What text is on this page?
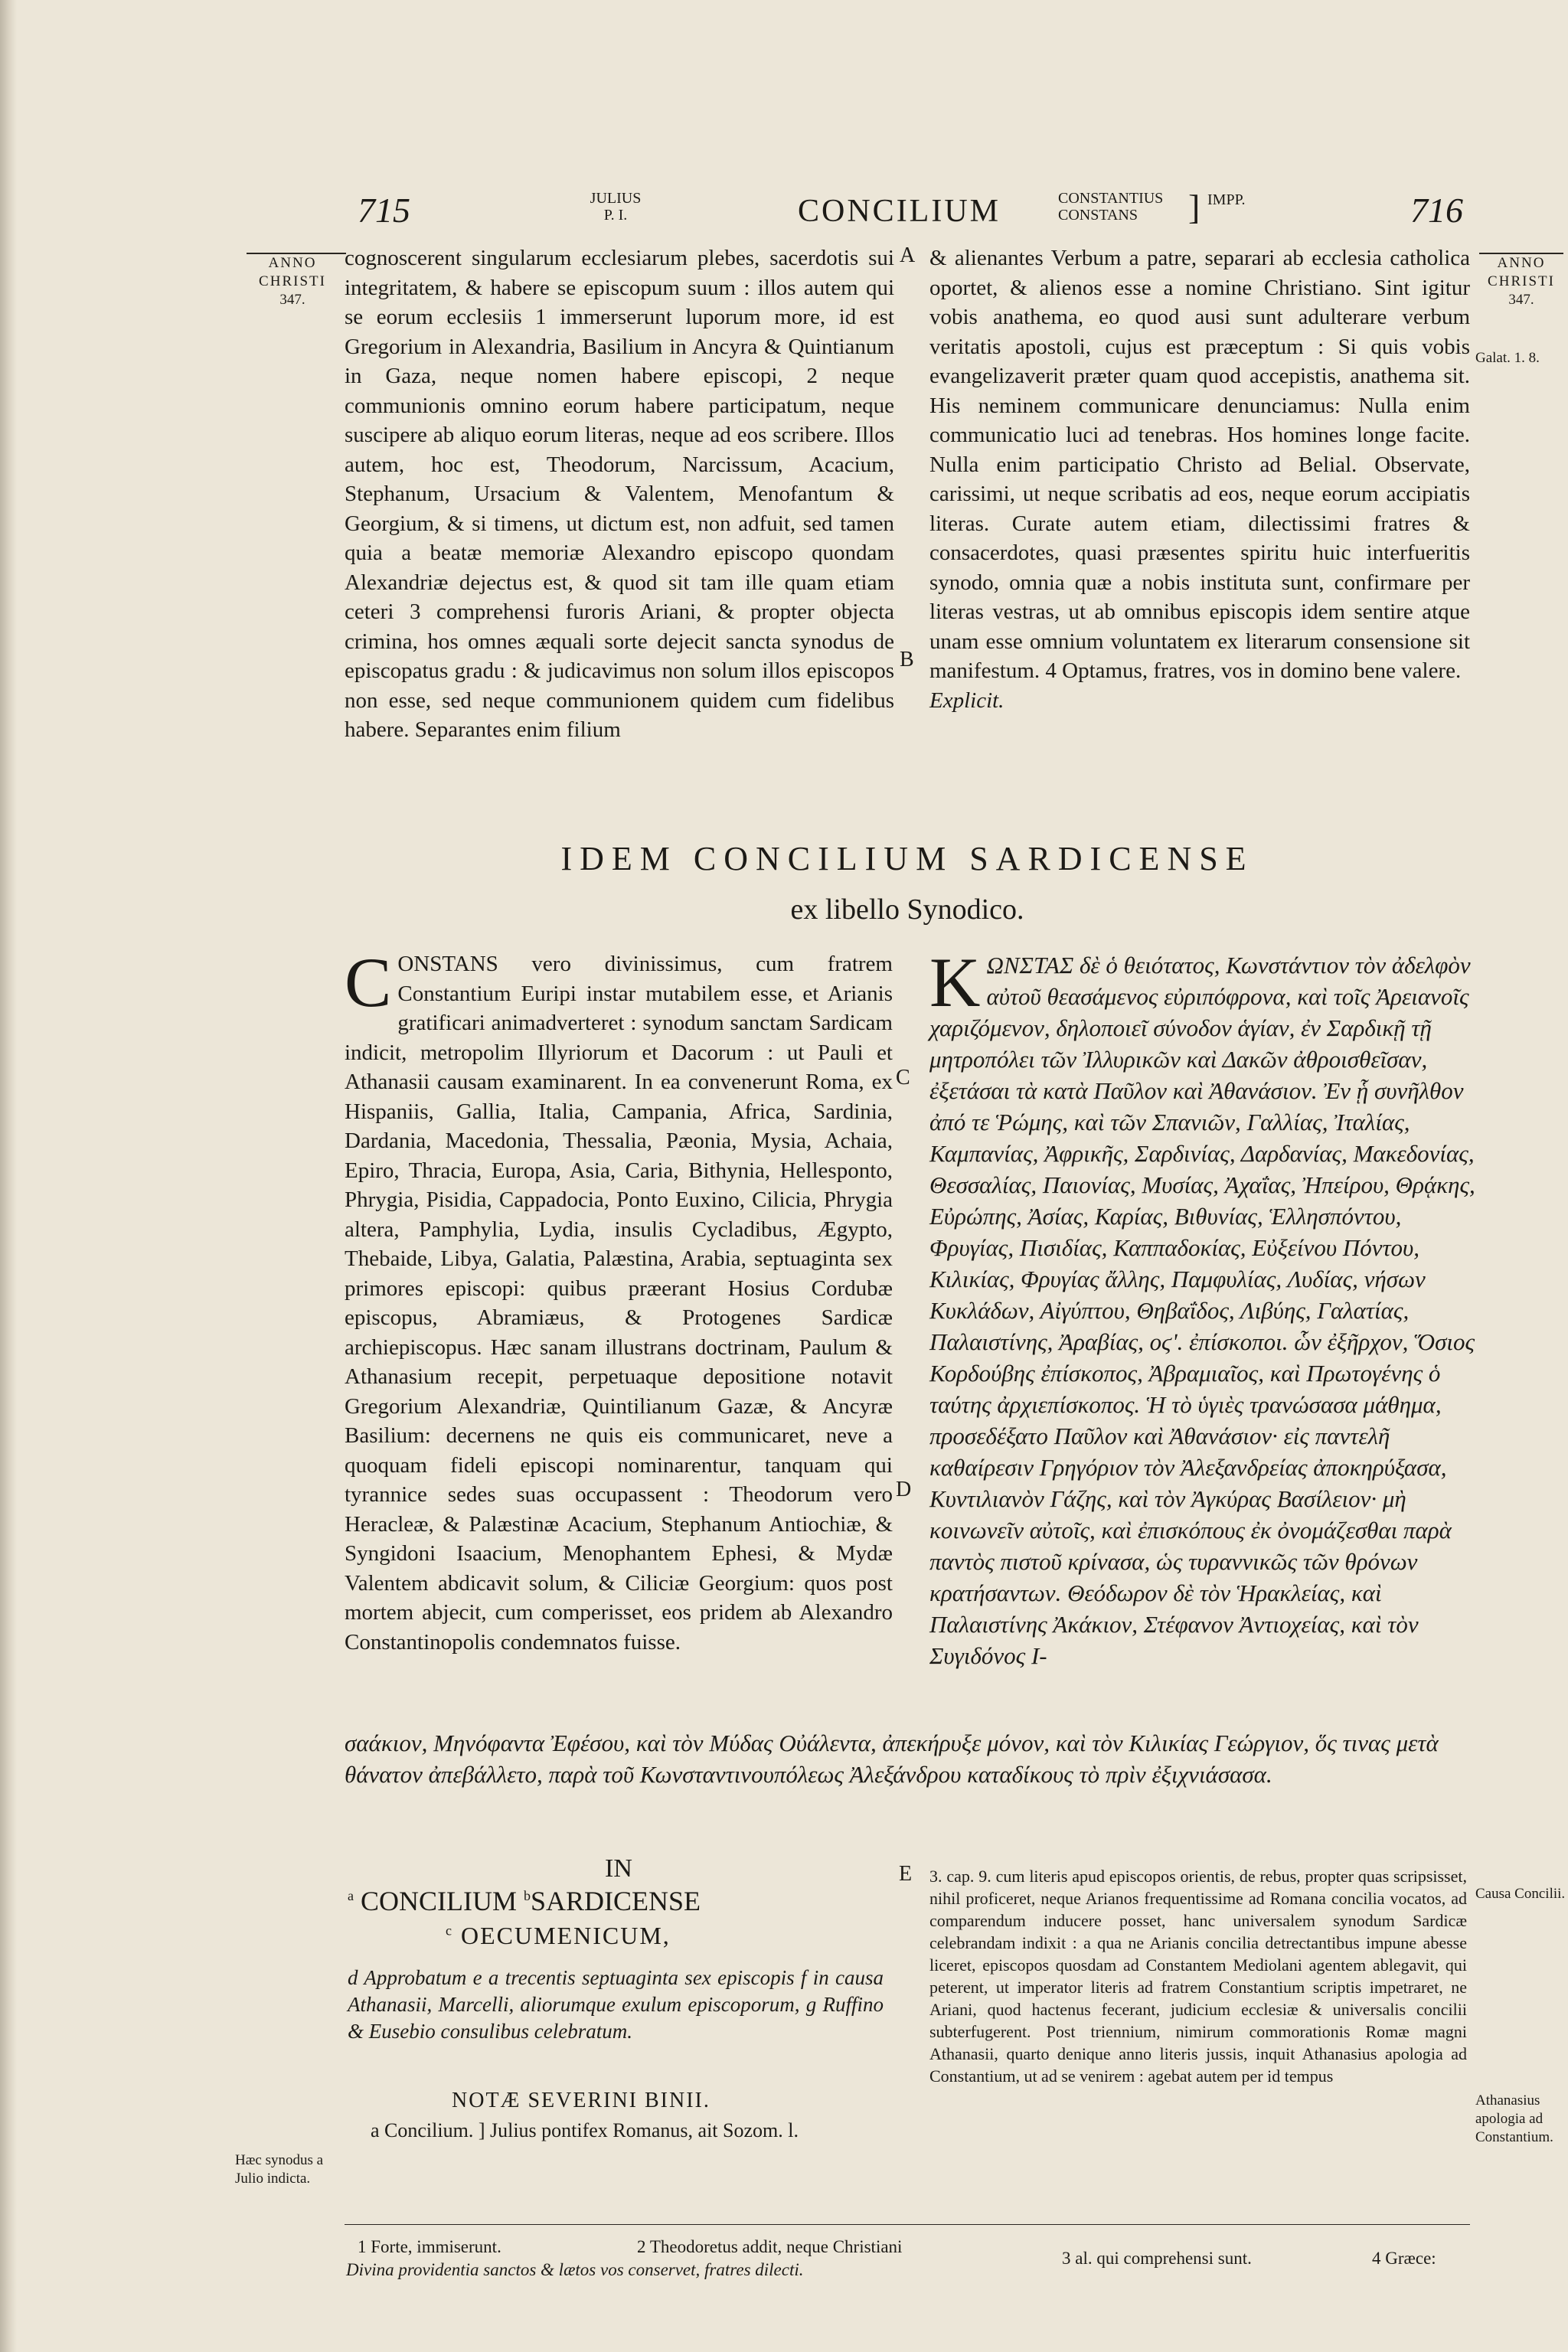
715	JULIUS
P. I.	CONCILIUM	CONSTANTIUS
CONSTANS	] IMPP.	716
ANNO
CHRISTI
347.
ANNO
CHRISTI
347.
Galat. 1. 8.

cognoscerent singularum ecclesiarum plebes, sacerdotis sui integritatem, & habere se episcopum suum : illos autem qui se eorum ecclesiis 1 immerserunt luporum more, id est Gregorium in Alexandria, Basilium in Ancyra & Quintianum in Gaza, neque nomen habere episcopi, 2 neque communionis omnino eorum habere participatum, neque suscipere ab aliquo eorum literas, neque ad eos scribere. Illos autem, hoc est, Theodorum, Narcissum, Acacium, Stephanum, Ursacium & Valentem, Menofantum & Georgium, & si timens, ut dictum est, non adfuit, sed tamen quia a beatæ memoriæ Alexandro episcopo quondam Alexandriæ dejectus est, & quod sit tam ille quam etiam ceteri 3 comprehensi furoris Ariani, & propter objecta crimina, hos omnes æquali sorte dejecit sancta synodus de episcopatus gradu : & judicavimus non solum illos episcopos non esse, sed neque communionem quidem cum fidelibus habere. Separantes enim filium

A
B

& alienantes Verbum a patre, separari ab ecclesia catholica oportet, & alienos esse a nomine Christiano. Sint igitur vobis anathema, eo quod ausi sunt adulterare verbum veritatis apostoli, cujus est præceptum : Si quis vobis evangelizaverit præter quam quod accepistis, anathema sit. His neminem communicare denunciamus: Nulla enim communicatio luci ad tenebras. Hos homines longe facite. Nulla enim participatio Christo ad Belial. Observate, carissimi, ut neque scribatis ad eos, neque eorum accipiatis literas. Curate autem etiam, dilectissimi fratres & consacerdotes, quasi præsentes spiritu huic interfueritis synodo, omnia quæ a nobis instituta sunt, confirmare per literas vestras, ut ab omnibus episcopis idem sentire atque unam esse omnium voluntatem ex literarum consensione sit manifestum. 4 Optamus, fratres, vos in domino bene valere.

Explicit.

IDEM CONCILIUM SARDICENSE
ex libello Synodico.

CONSTANS vero divinissimus, cum fratrem Constantium Euripi instar mutabilem esse, et Arianis gratificari animadverteret : synodum sanctam Sardicam indicit, metropolim Illyriorum et Dacorum : ut Pauli et Athanasii causam examinarent. In ea convenerunt Roma, ex Hispaniis, Gallia, Italia, Campania, Africa, Sardinia, Dardania, Macedonia, Thessalia, Pæonia, Mysia, Achaia, Epiro, Thracia, Europa, Asia, Caria, Bithynia, Hellespontо, Phrygia, Pisidia, Cappadocia, Ponto Euxino, Cilicia, Phrygia altera, Pamphylia, Lydia, insulis Cycladibus, Ægypto, Thebaide, Libya, Galatia, Palæstina, Arabia, septuaginta sex primores episcopi: quibus præerant Hosius Cordubæ episcopus, Abramiæus, & Protogenes Sardicæ archiepiscopus. Hæc sanam illustrans doctrinam, Paulum & Athanasium recepit, perpetuaque depositione notavit Gregorium Alexandriæ, Quintilianum Gazæ, & Ancyræ Basilium: decernens ne quis eis communicaret, neve a quoquam fideli episcopi nominarentur, tanquam qui tyrannice sedes suas occupassent : Theodorum vero Heracleæ, & Palæstinæ Acacium, Stephanum Antiochiæ, & Syngidoni Isaacium, Menophantem Ephesi, & Mydæ Valentem abdicavit solum, & Ciliciæ Georgium: quos post mortem abjecit, cum comperisset, eos pridem ab Alexandro Constantinopolis condemnatos fuisse.

C
D

ΚΩΝΣΤΑΣ δὲ ὁ θειότατος, Κωνστάντιον τὸν ἀδελφὸν αὐτοῦ θεασάμενος εὐριπόφρονα, καὶ τοῖς Ἀρειανοῖς χαριζόμενον, δηλοποιεῖ σύνοδον ἁγίαν, ἐν Σαρδικῇ τῇ μητροπόλει τῶν Ἰλλυρικῶν καὶ Δακῶν ἀθροισθεῖσαν, ἐξετάσαι τὰ κατὰ Παῦλον καὶ Ἀθανάσιον. Ἐν ᾗ συνῆλθον ἀπό τε Ῥώμης, καὶ τῶν Σπανιῶν, Γαλλίας, Ἰταλίας, Καμπανίας, Ἀφρικῆς, Σαρδινίας, Δαρδανίας, Μακεδονίας, Θεσσαλίας, Παιονίας, Μυσίας, Ἀχαΐας, Ἠπείρου, Θρᾴκης, Εὐρώπης, Ἀσίας, Καρίας, Βιθυνίας, Ἑλλησπόντου, Φρυγίας, Πισιδίας, Καππαδοκίας, Εὐξείνου Πόντου, Κιλικίας, Φρυγίας ἄλλης, Παμφυλίας, Λυδίας, νήσων Κυκλάδων, Αἰγύπτου, Θηβαΐδος, Λιβύης, Γαλατίας, Παλαιστίνης, Ἀραβίας, οϛʹ. ἐπίσκοποι. ὧν ἐξῆρχον, Ὅσιος Κορδούβης ἐπίσκοπος, Ἀβραμιαῖος, καὶ Πρωτογένης ὁ ταύτης ἀρχιεπίσκοπος. Ἡ τὸ ὑγιὲς τρανώσασα μάθημα, προσεδέξατο Παῦλον καὶ Ἀθανάσιον· εἰς παντελῆ καθαίρεσιν Γρηγόριον τὸν Ἀλεξανδρείας ἀποκηρύξασα, Κυντιλιανὸν Γάζης, καὶ τὸν Ἀγκύρας Βασίλειον· μὴ κοινωνεῖν αὐτοῖς, καὶ ἐπισκόπους ἐκ ὀνομάζεσθαι παρὰ παντὸς πιστοῦ κρίνασα, ὡς τυραννικῶς τῶν θρόνων κρατήσαντων. Θεόδωρον δὲ τὸν Ἡρακλείας, καὶ Παλαιστίνης Ἀκάκιον, Στέφανον Ἀντιοχείας, καὶ τὸν Συγιδόνος Ι-

σαάκιον, Μηνόφαντα Ἐφέσου, καὶ τὸν Μύδας Οὐάλεντα, ἀπεκήρυξε μόνον, καὶ τὸν Κιλικίας Γεώργιον, ὅς τινας μετὰ θάνατον ἀπεβάλλετο, παρὰ τοῦ Κωνσταντινουπόλεως Ἀλεξάνδρου καταδίκους τὸ πρὶν ἐξιχνιάσασα.

IN
$^a$ CONCILIUM $^b$SARDICENSE
$^c$ OECUMENICUM,

d Approbatum e a trecentis septuaginta sex episcopis f in causa Athanasii, Marcelli, aliorumque exulum episcoporum, g Ruffino & Eusebio consulibus celebratum.

NOTÆ SEVERINI BINII.
a Concilium. ] Julius pontifex Romanus, ait Sozom. l.
Hæc synodus a Julio indicta.
E 3. cap. 9. cum literis apud episcopos orientis, de rebus, propter quas scripsisset, nihil proficeret, neque Arianos frequentissime ad Romana concilia vocatos, ad comparendum inducere posset, hanc universalem synodum Sardicæ celebrandam indixit : a qua ne Arianis concilia detrectantibus impune abesse liceret, episcopos quosdam ad Constantem Mediolani agentem ablegavit, qui peterent, ut imperator literis ad fratrem Constantium scriptis impetraret, ne Ariani, quod hactenus fecerant, judicium ecclesiæ & universalis concilii subterfugerent. Post triennium, nimirum commorationis Romæ magni Athanasii, quarto denique anno literis jussis, inquit Athanasius apologia ad Constantium, ut ad se venirem : agebat autem per id tempus

Causa Concilii.
Athanasius apologia ad Constantium.
1 Forte, immiserunt.	2 Theodoretus addit, neque Christiani
Divina providentia sanctos & lætos vos conservet, fratres dilecti.
3 al. qui comprehensi sunt.	4 Græce:
